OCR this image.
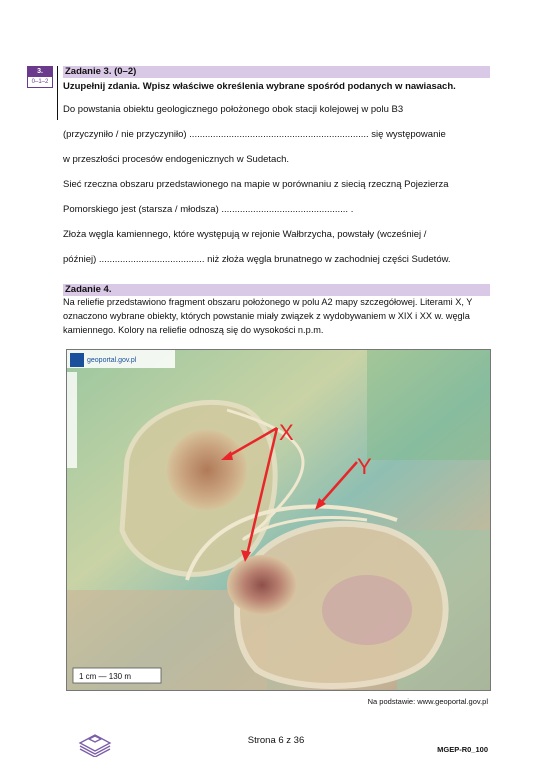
3.
0–1–2
Zadanie 3. (0–2)
Uzupełnij zdania. Wpisz właściwe określenia wybrane spośród podanych w nawiasach.
Do powstania obiektu geologicznego położonego obok stacji kolejowej w polu B3
(przyczyniło / nie przyczyniło) .................................................................... się występowanie
w przeszłości procesów endogenicznych w Sudetach.
Sieć rzeczna obszaru przedstawionego na mapie w porównaniu z siecią rzeczną Pojezierza
Pomorskiego jest (starsza / młodsza) ................................................ .
Złoża węgla kamiennego, które występują w rejonie Wałbrzycha, powstały (wcześniej /
później) ........................................ niż złoża węgla brunatnego w zachodniej części Sudetów.
Zadanie 4.
Na reliefie przedstawiono fragment obszaru położonego w polu A2 mapy szczegółowej. Literami X, Y oznaczono wybrane obiekty, których powstanie miały związek z wydobywaniem w XIX i XX w. węgla kamiennego. Kolory na reliefie odnoszą się do wysokości n.p.m.
geoportal.gov.pl
X
Y
1 cm — 130 m
Na podstawie: www.geoportal.gov.pl
Strona 6 z 36
MGEP-R0_100
